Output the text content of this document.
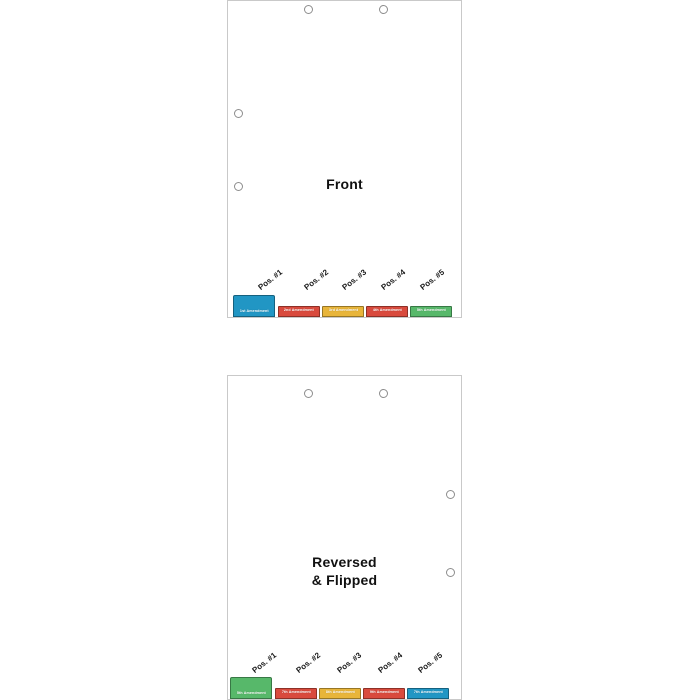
Front
Pos. #1 Pos. #2 Pos. #3 Pos. #4 Pos. #5
1st Amendment	2nd Amendment	3rd Amendment	4th Amendment	5th Amendment
Reversed
& Flipped
Pos. #1 Pos. #2 Pos. #3 Pos. #4 Pos. #5
5th Amendment	7th Amendment	8th Amendment	9th Amendment	7th Amendment
